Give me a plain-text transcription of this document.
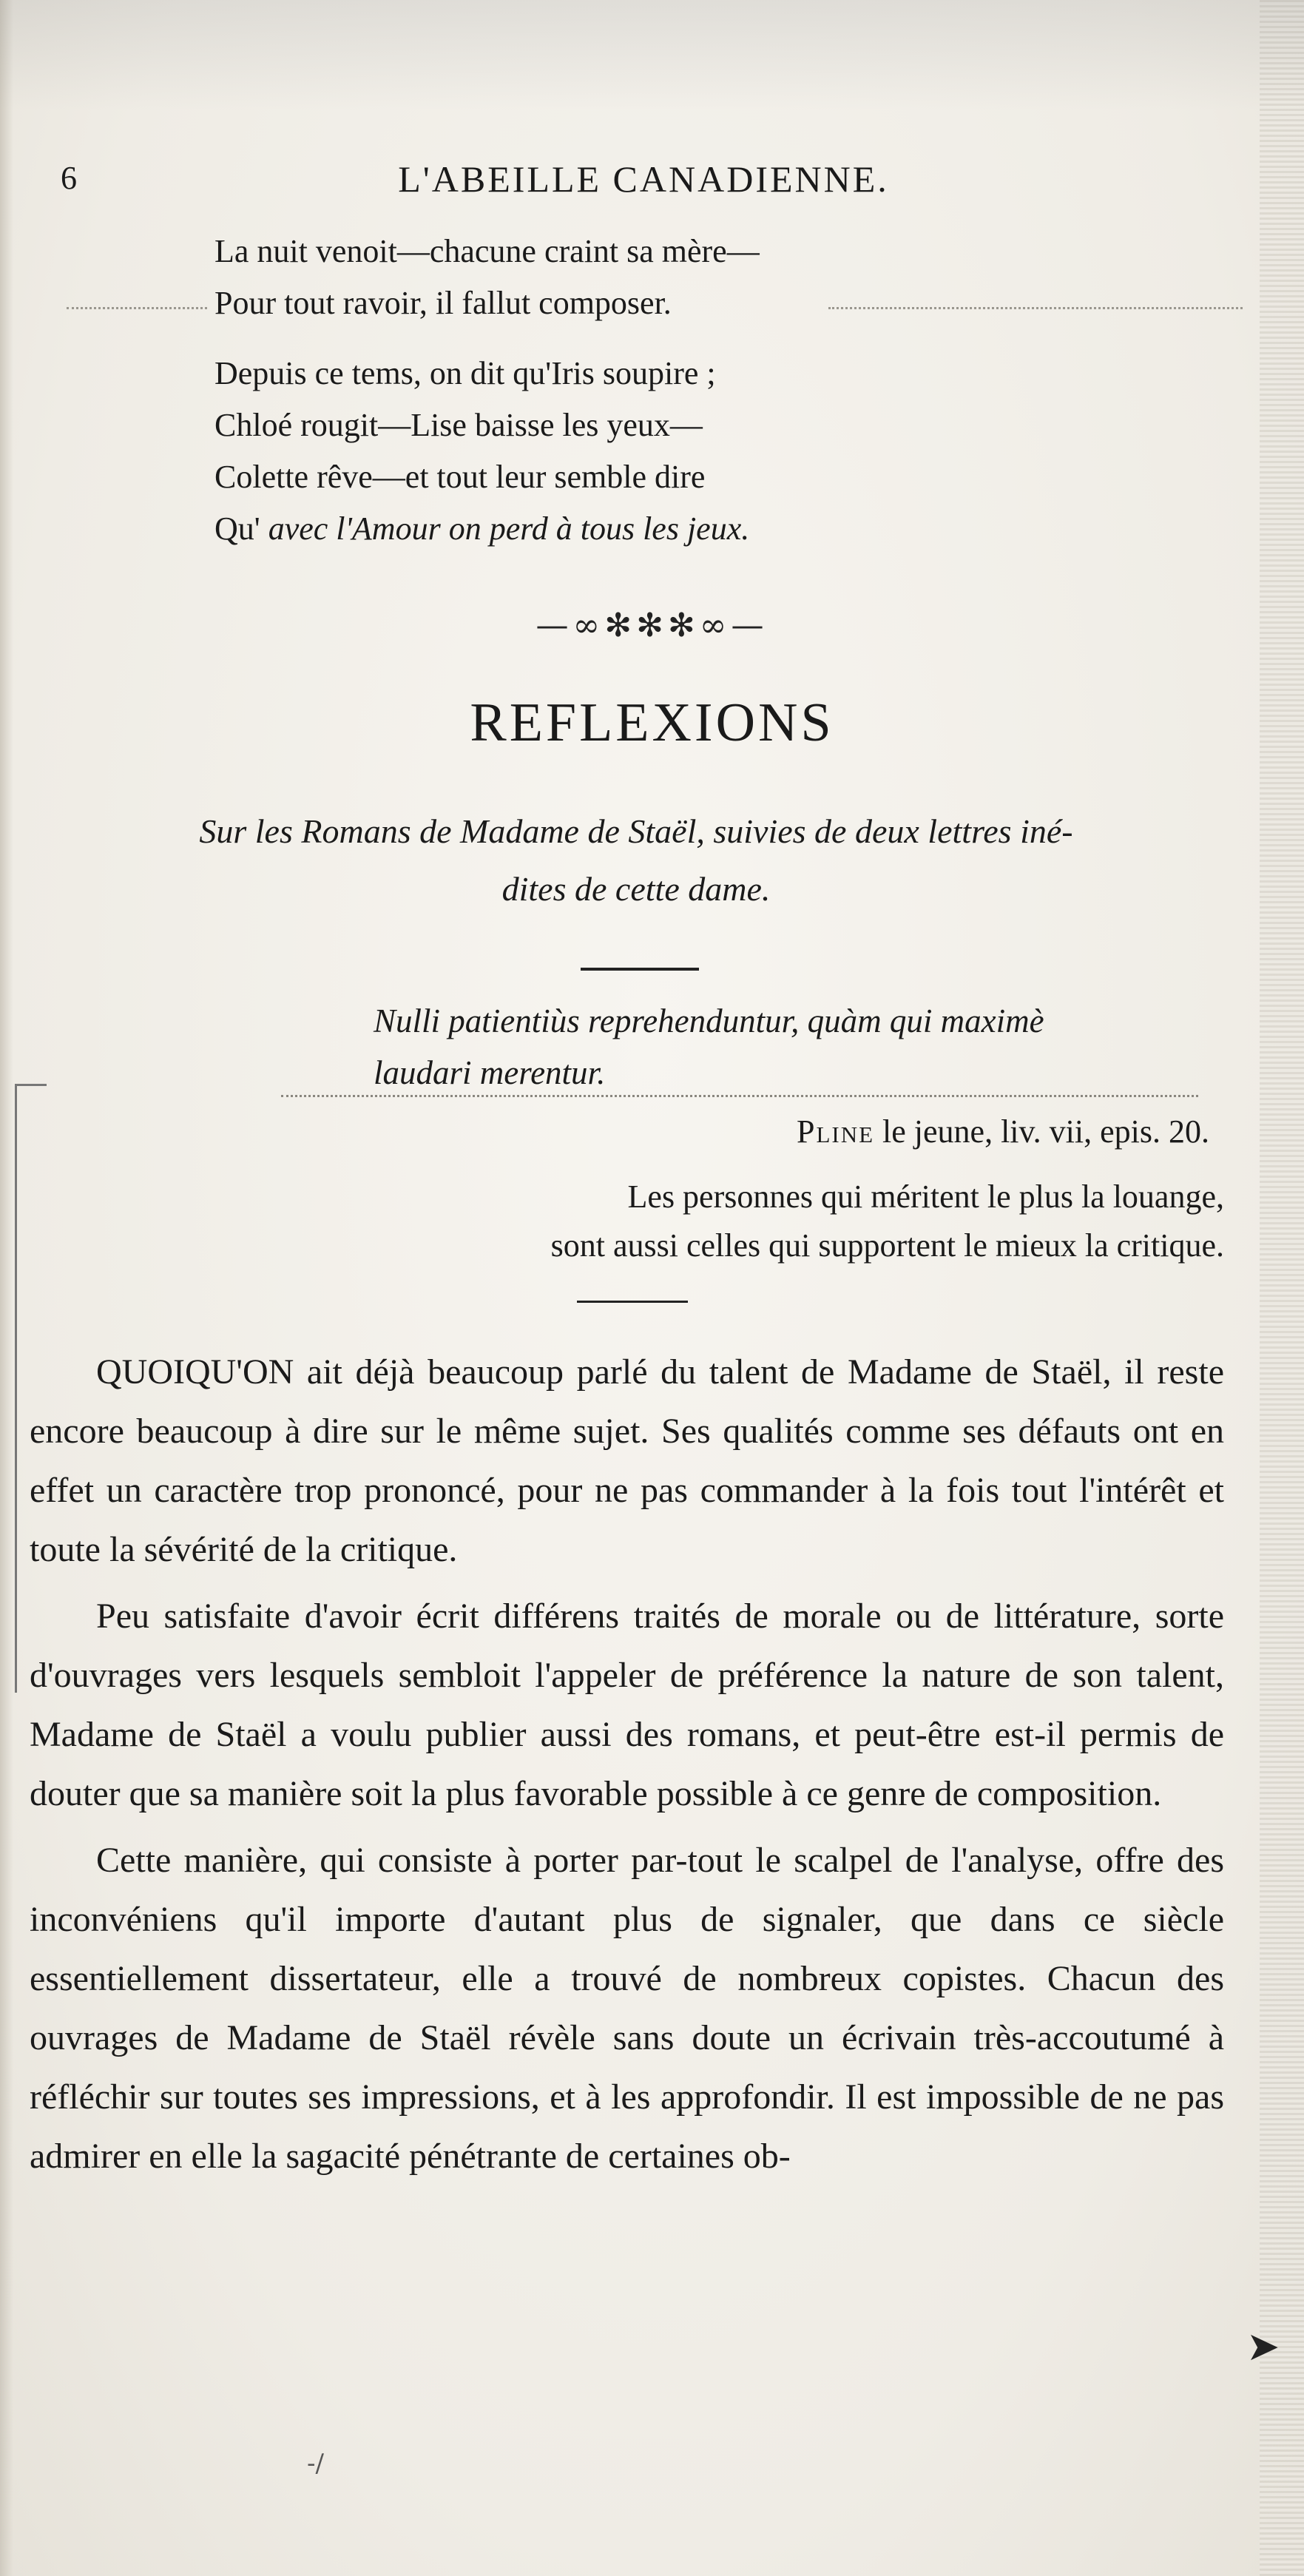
6	L'ABEILLE CANADIENNE.
La nuit venoit—chacune craint sa mère—
Pour tout ravoir, il fallut composer.
Depuis ce tems, on dit qu'Iris soupire ;
Chloé rougit—Lise baisse les yeux—
Colette rêve—et tout leur semble dire
Qu' avec l'Amour on perd à tous les jeux.
—∞✻✻✻∞—
REFLEXIONS
Sur les Romans de Madame de Staël, suivies de deux lettres iné-
dites de cette dame.
Nulli patientiùs reprehenduntur, quàm qui maximè
laudari merentur.
Pline le jeune, liv. vii, epis. 20.
Les personnes qui méritent le plus la louange,
sont aussi celles qui supportent le mieux la critique.

QUOIQU'ON ait déjà beaucoup parlé du talent de Madame de Staël, il reste encore beaucoup à dire sur le même sujet. Ses qualités comme ses défauts ont en effet un caractère trop prononcé, pour ne pas commander à la fois tout l'intérêt et toute la sévérité de la critique.

Peu satisfaite d'avoir écrit différens traités de morale ou de littérature, sorte d'ouvrages vers lesquels sembloit l'appeler de préférence la nature de son talent, Madame de Staël a voulu publier aussi des romans, et peut-être est-il permis de douter que sa manière soit la plus favorable possible à ce genre de composition.

Cette manière, qui consiste à porter par-tout le scalpel de l'analyse, offre des inconvéniens qu'il importe d'autant plus de signaler, que dans ce siècle essentiellement dissertateur, elle a trouvé de nombreux copistes. Chacun des ouvrages de Madame de Staël révèle sans doute un écrivain très-accoutumé à réfléchir sur toutes ses impressions, et à les approfondir. Il est impossible de ne pas admirer en elle la sagacité pénétrante de certaines ob-

➤
-/
